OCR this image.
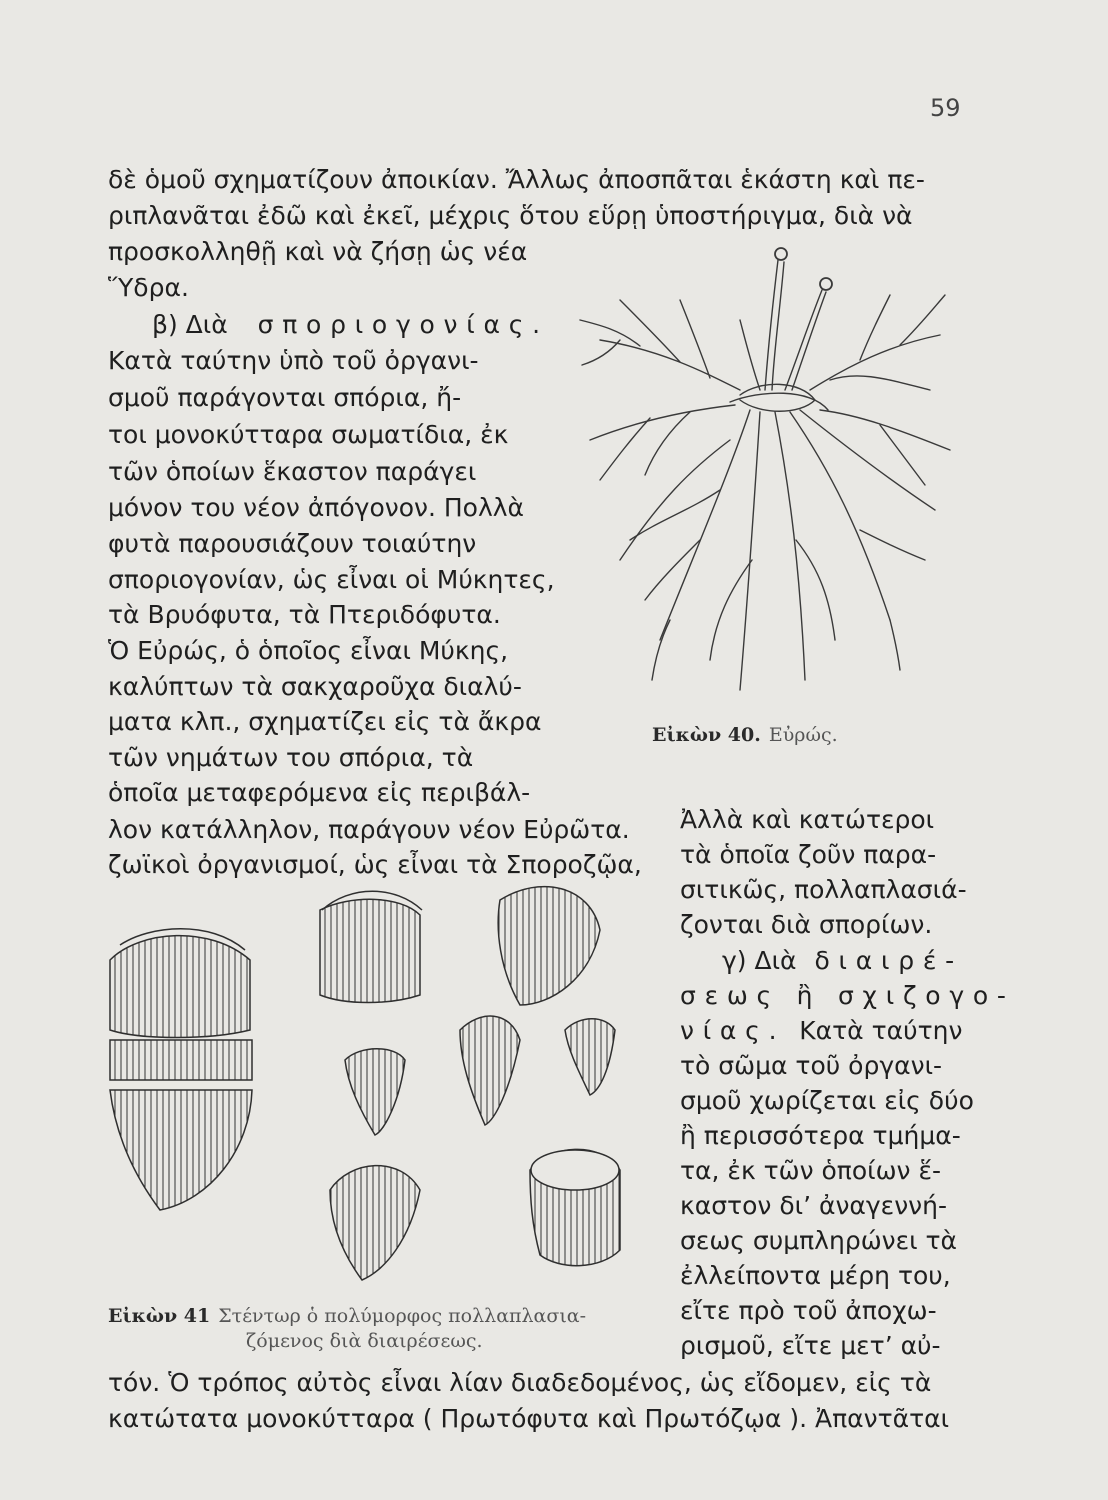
59
δὲ ὁμοῦ σχηματίζουν ἀποικίαν. Ἄλλως ἀποσπᾶται ἑκάστη καὶ πε-
ριπλανᾶται ἐδῶ καὶ ἐκεῖ, μέχρις ὅτου εὕρῃ ὑποστήριγμα, διὰ νὰ
προσκολληθῇ καὶ νὰ ζήσῃ ὡς νέα
Ὕδρα.
β) Διὰ σποριογονίας.
Κατὰ ταύτην ὑπὸ τοῦ ὀργανι-
σμοῦ παράγονται σπόρια, ἤ-
τοι μονοκύτταρα σωματίδια, ἐκ
τῶν ὁποίων ἕκαστον παράγει
μόνον του νέον ἀπόγονον. Πολλὰ
φυτὰ παρουσιάζουν τοιαύτην
σποριογονίαν, ὡς εἶναι οἱ Μύκητες,
τὰ Βρυόφυτα, τὰ Πτεριδόφυτα.
Ὁ Εὐρώς, ὁ ὁποῖος εἶναι Μύκης,
καλύπτων τὰ σακχαροῦχα διαλύ-
ματα κλπ., σχηματίζει εἰς τὰ ἄκρα
τῶν νημάτων του σπόρια, τὰ
ὁποῖα μεταφερόμενα εἰς περιβάλ-
λον κατάλληλον, παράγουν νέον Εὐρῶτα.
ζωϊκοὶ ὀργανισμοί, ὡς εἶναι τὰ Σποροζῷα,
Ἀλλὰ καὶ κατώτεροι
τὰ ὁποῖα ζοῦν παρα-
σιτικῶς, πολλαπλασιά-
ζονται διὰ σπορίων.
γ) Διὰ διαιρέ-
σεως ἢ σχιζογο-
νίας. Κατὰ ταύτην
τὸ σῶμα τοῦ ὀργανι-
σμοῦ χωρίζεται εἰς δύο
ἢ περισσότερα τμήμα-
τα, ἐκ τῶν ὁποίων ἕ-
καστον δι’ ἀναγεννή-
σεως συμπληρώνει τὰ
ἐλλείποντα μέρη του,
εἴτε πρὸ τοῦ ἀποχω-
ρισμοῦ, εἴτε μετ’ αὐ-
τόν. Ὁ τρόπος αὐτὸς εἶναι λίαν διαδεδομένος, ὡς εἴδομεν, εἰς τὰ
κατώτατα μονοκύτταρα ( Πρωτόφυτα καὶ Πρωτόζῳα ). Ἀπαντᾶται
Εἰκὼν 40. Εὐρώς.
Εἰκὼν 41 Στέντωρ ὁ πολύμορφος πολλαπλασια-
ζόμενος διὰ διαιρέσεως.
